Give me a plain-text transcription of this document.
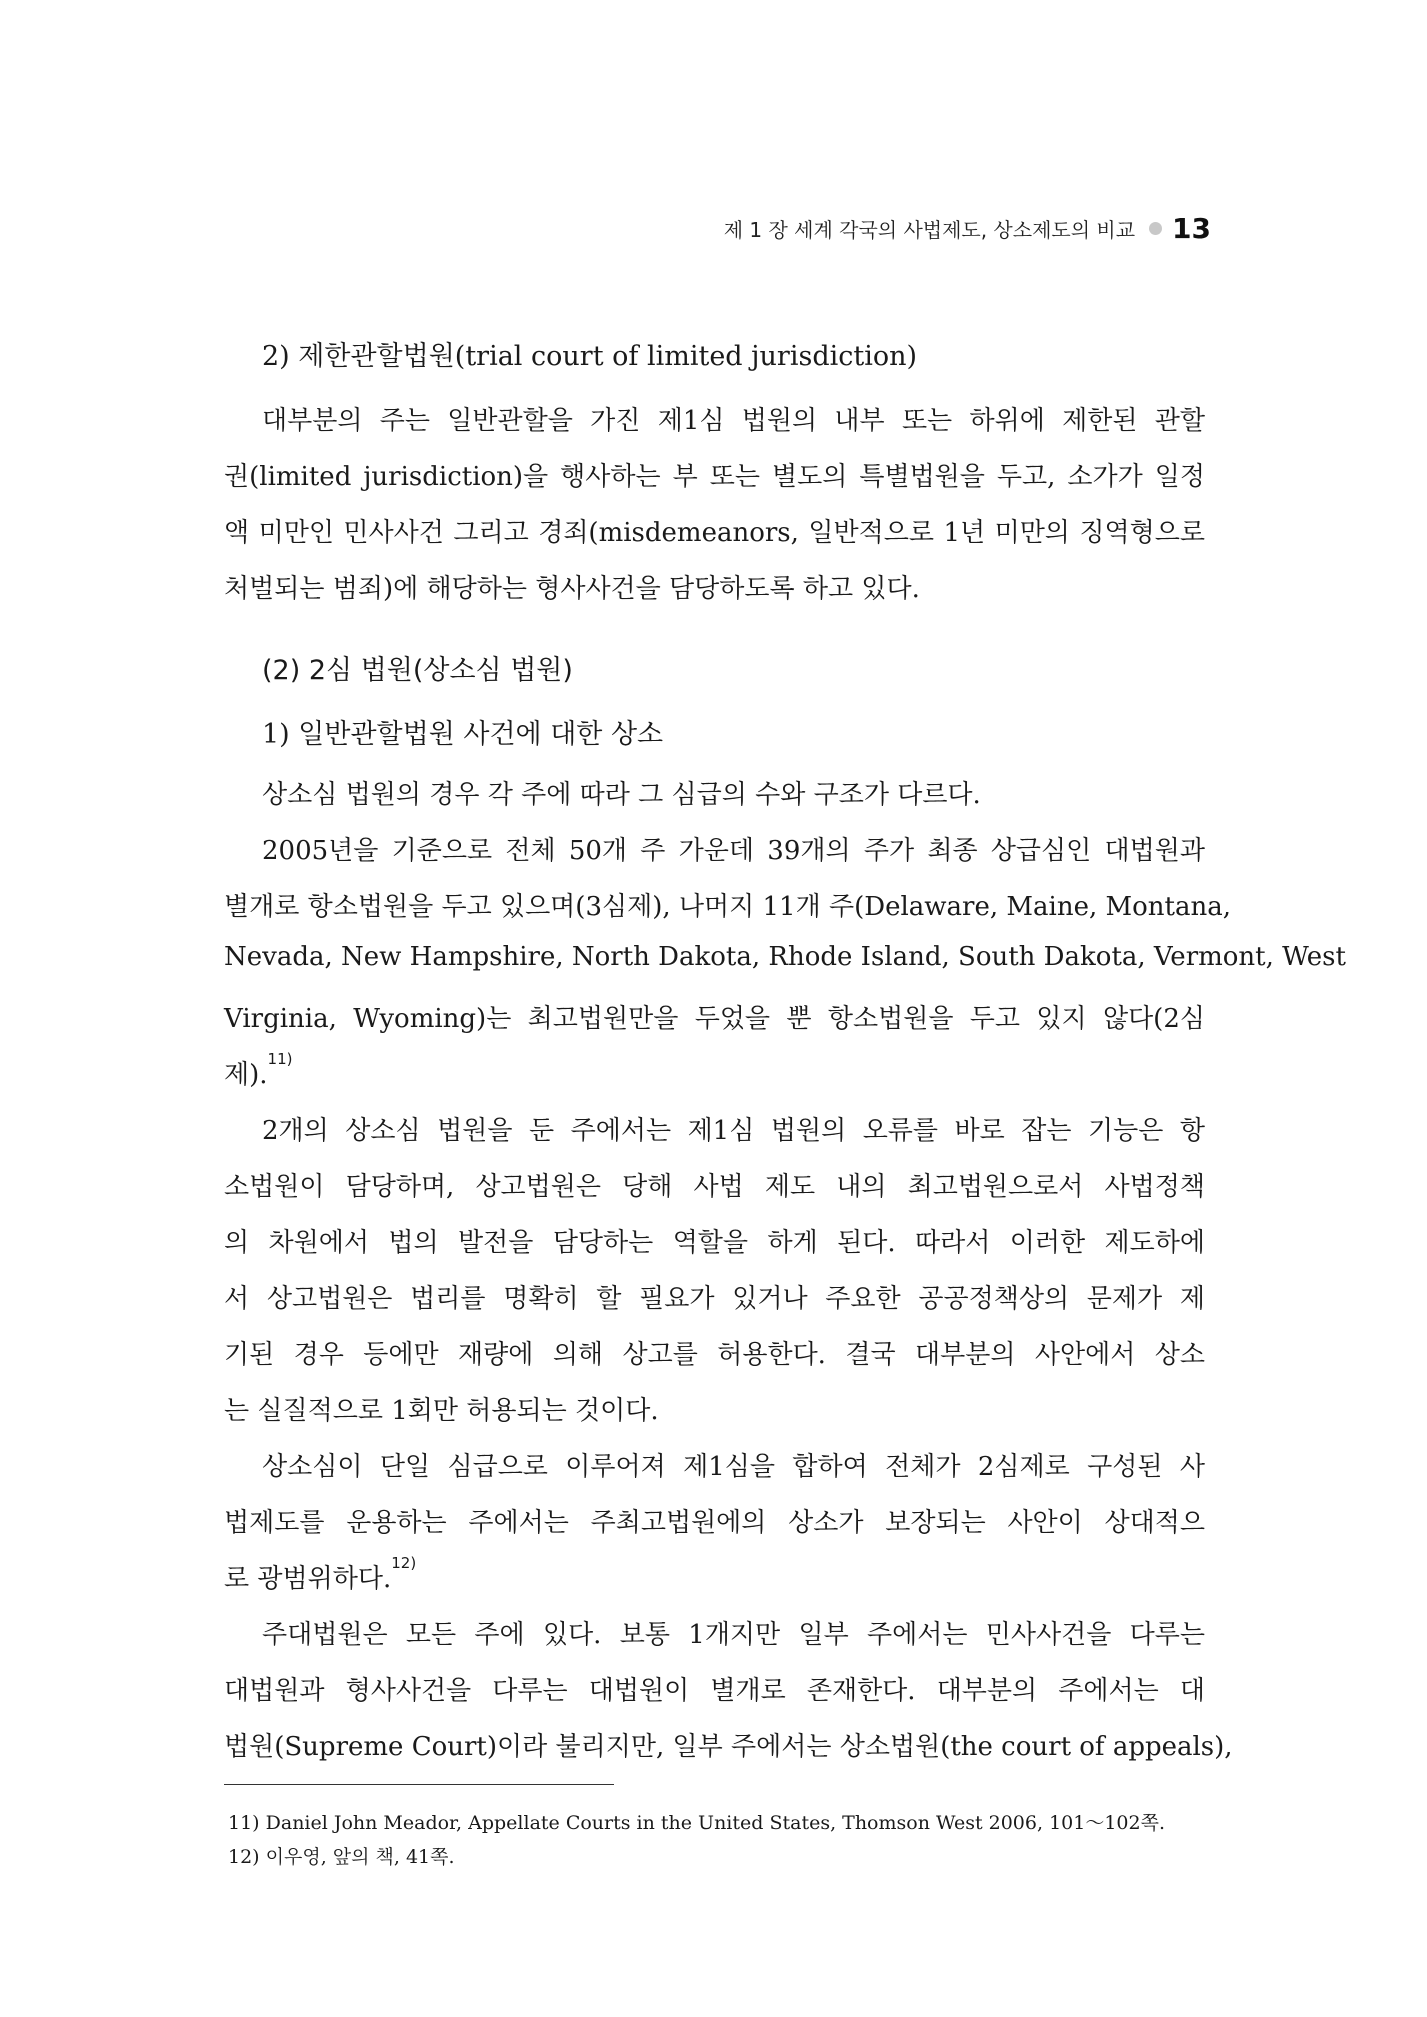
제 1 장 세계 각국의 사법제도, 상소제도의 비교 13
2) 제한관할법원(trial court of limited jurisdiction)
대부분의 주는 일반관할을 가진 제1심 법원의 내부 또는 하위에 제한된 관할
권(limited jurisdiction)을 행사하는 부 또는 별도의 특별법원을 두고, 소가가 일정
액 미만인 민사사건 그리고 경죄(misdemeanors, 일반적으로 1년 미만의 징역형으로
처벌되는 범죄)에 해당하는 형사사건을 담당하도록 하고 있다.
(2) 2심 법원(상소심 법원)
1) 일반관할법원 사건에 대한 상소
상소심 법원의 경우 각 주에 따라 그 심급의 수와 구조가 다르다.
2005년을 기준으로 전체 50개 주 가운데 39개의 주가 최종 상급심인 대법원과
별개로 항소법원을 두고 있으며(3심제), 나머지 11개 주(Delaware, Maine, Montana,
Nevada, New Hampshire, North Dakota, Rhode Island, South Dakota, Vermont, West
Virginia, Wyoming)는 최고법원만을 두었을 뿐 항소법원을 두고 있지 않다(2심
제).$^{11)}$
2개의 상소심 법원을 둔 주에서는 제1심 법원의 오류를 바로 잡는 기능은 항
소법원이 담당하며, 상고법원은 당해 사법 제도 내의 최고법원으로서 사법정책
의 차원에서 법의 발전을 담당하는 역할을 하게 된다. 따라서 이러한 제도하에
서 상고법원은 법리를 명확히 할 필요가 있거나 주요한 공공정책상의 문제가 제
기된 경우 등에만 재량에 의해 상고를 허용한다. 결국 대부분의 사안에서 상소
는 실질적으로 1회만 허용되는 것이다.
상소심이 단일 심급으로 이루어져 제1심을 합하여 전체가 2심제로 구성된 사
법제도를 운용하는 주에서는 주최고법원에의 상소가 보장되는 사안이 상대적으
로 광범위하다.$^{12)}$
주대법원은 모든 주에 있다. 보통 1개지만 일부 주에서는 민사사건을 다루는
대법원과 형사사건을 다루는 대법원이 별개로 존재한다. 대부분의 주에서는 대
법원(Supreme Court)이라 불리지만, 일부 주에서는 상소법원(the court of appeals),
11) Daniel John Meador, Appellate Courts in the United States, Thomson West 2006, 101～102쪽.
12) 이우영, 앞의 책, 41쪽.
